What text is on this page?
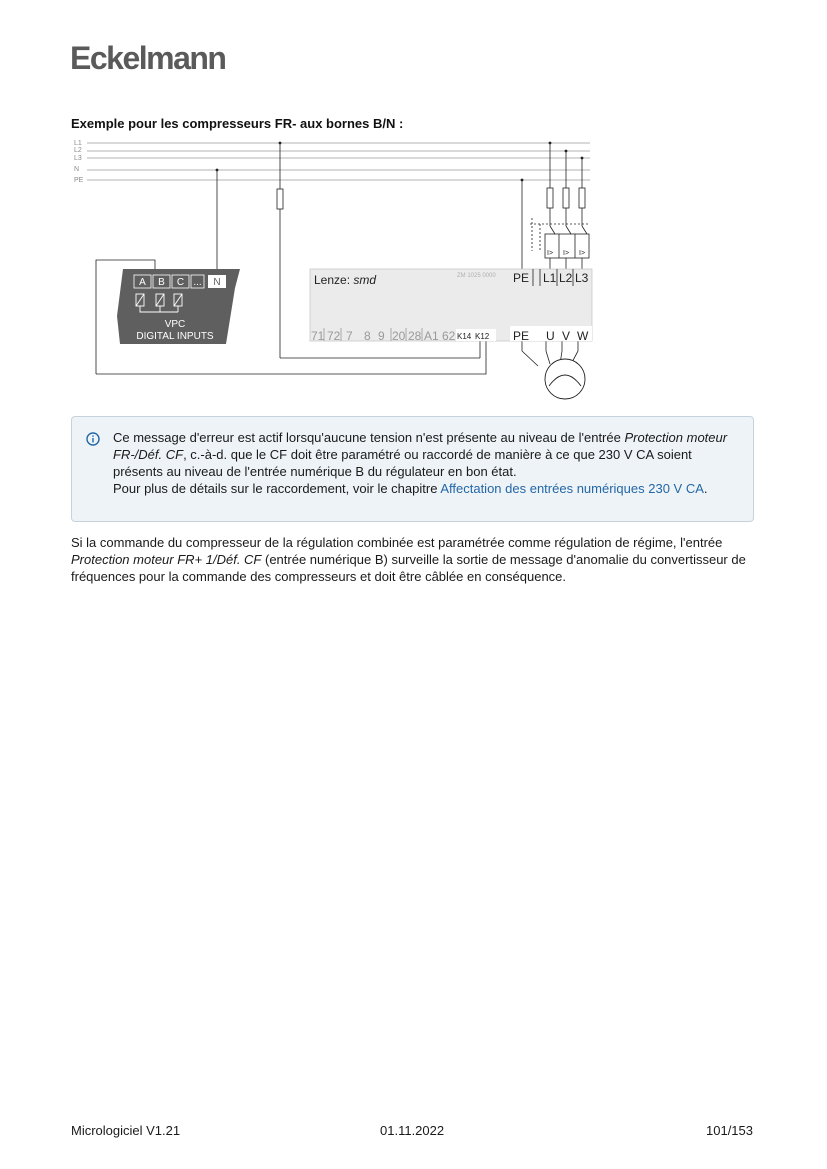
Eckelmann
Exemple pour les compresseurs FR- aux bornes B/N :
L1
L2
L3
N
PE
I> I> I>
A B C ... N
VPC
DIGITAL INPUTS
Lenze: smd	ZM 1025 0000 PE L1 L2 L3
71 72 7 8 9 20 28 A1 62 K14 K12 PE U V W
Ce message d'erreur est actif lorsqu'aucune tension n'est présente au niveau de l'entrée Protection moteur FR-/Déf. CF, c.-à-d. que le CF doit être paramétré ou raccordé de manière à ce que 230 V CA soient présents au niveau de l'entrée numérique B du régulateur en bon état.
Pour plus de détails sur le raccordement, voir le chapitre Affectation des entrées numériques 230 V CA.
Si la commande du compresseur de la régulation combinée est paramétrée comme régulation de régime, l'entrée Protection moteur FR+ 1/Déf. CF (entrée numérique B) surveille la sortie de message d'anomalie du convertisseur de fréquences pour la commande des compresseurs et doit être câblée en conséquence.
Micrologiciel V1.21	01.11.2022	101/153
